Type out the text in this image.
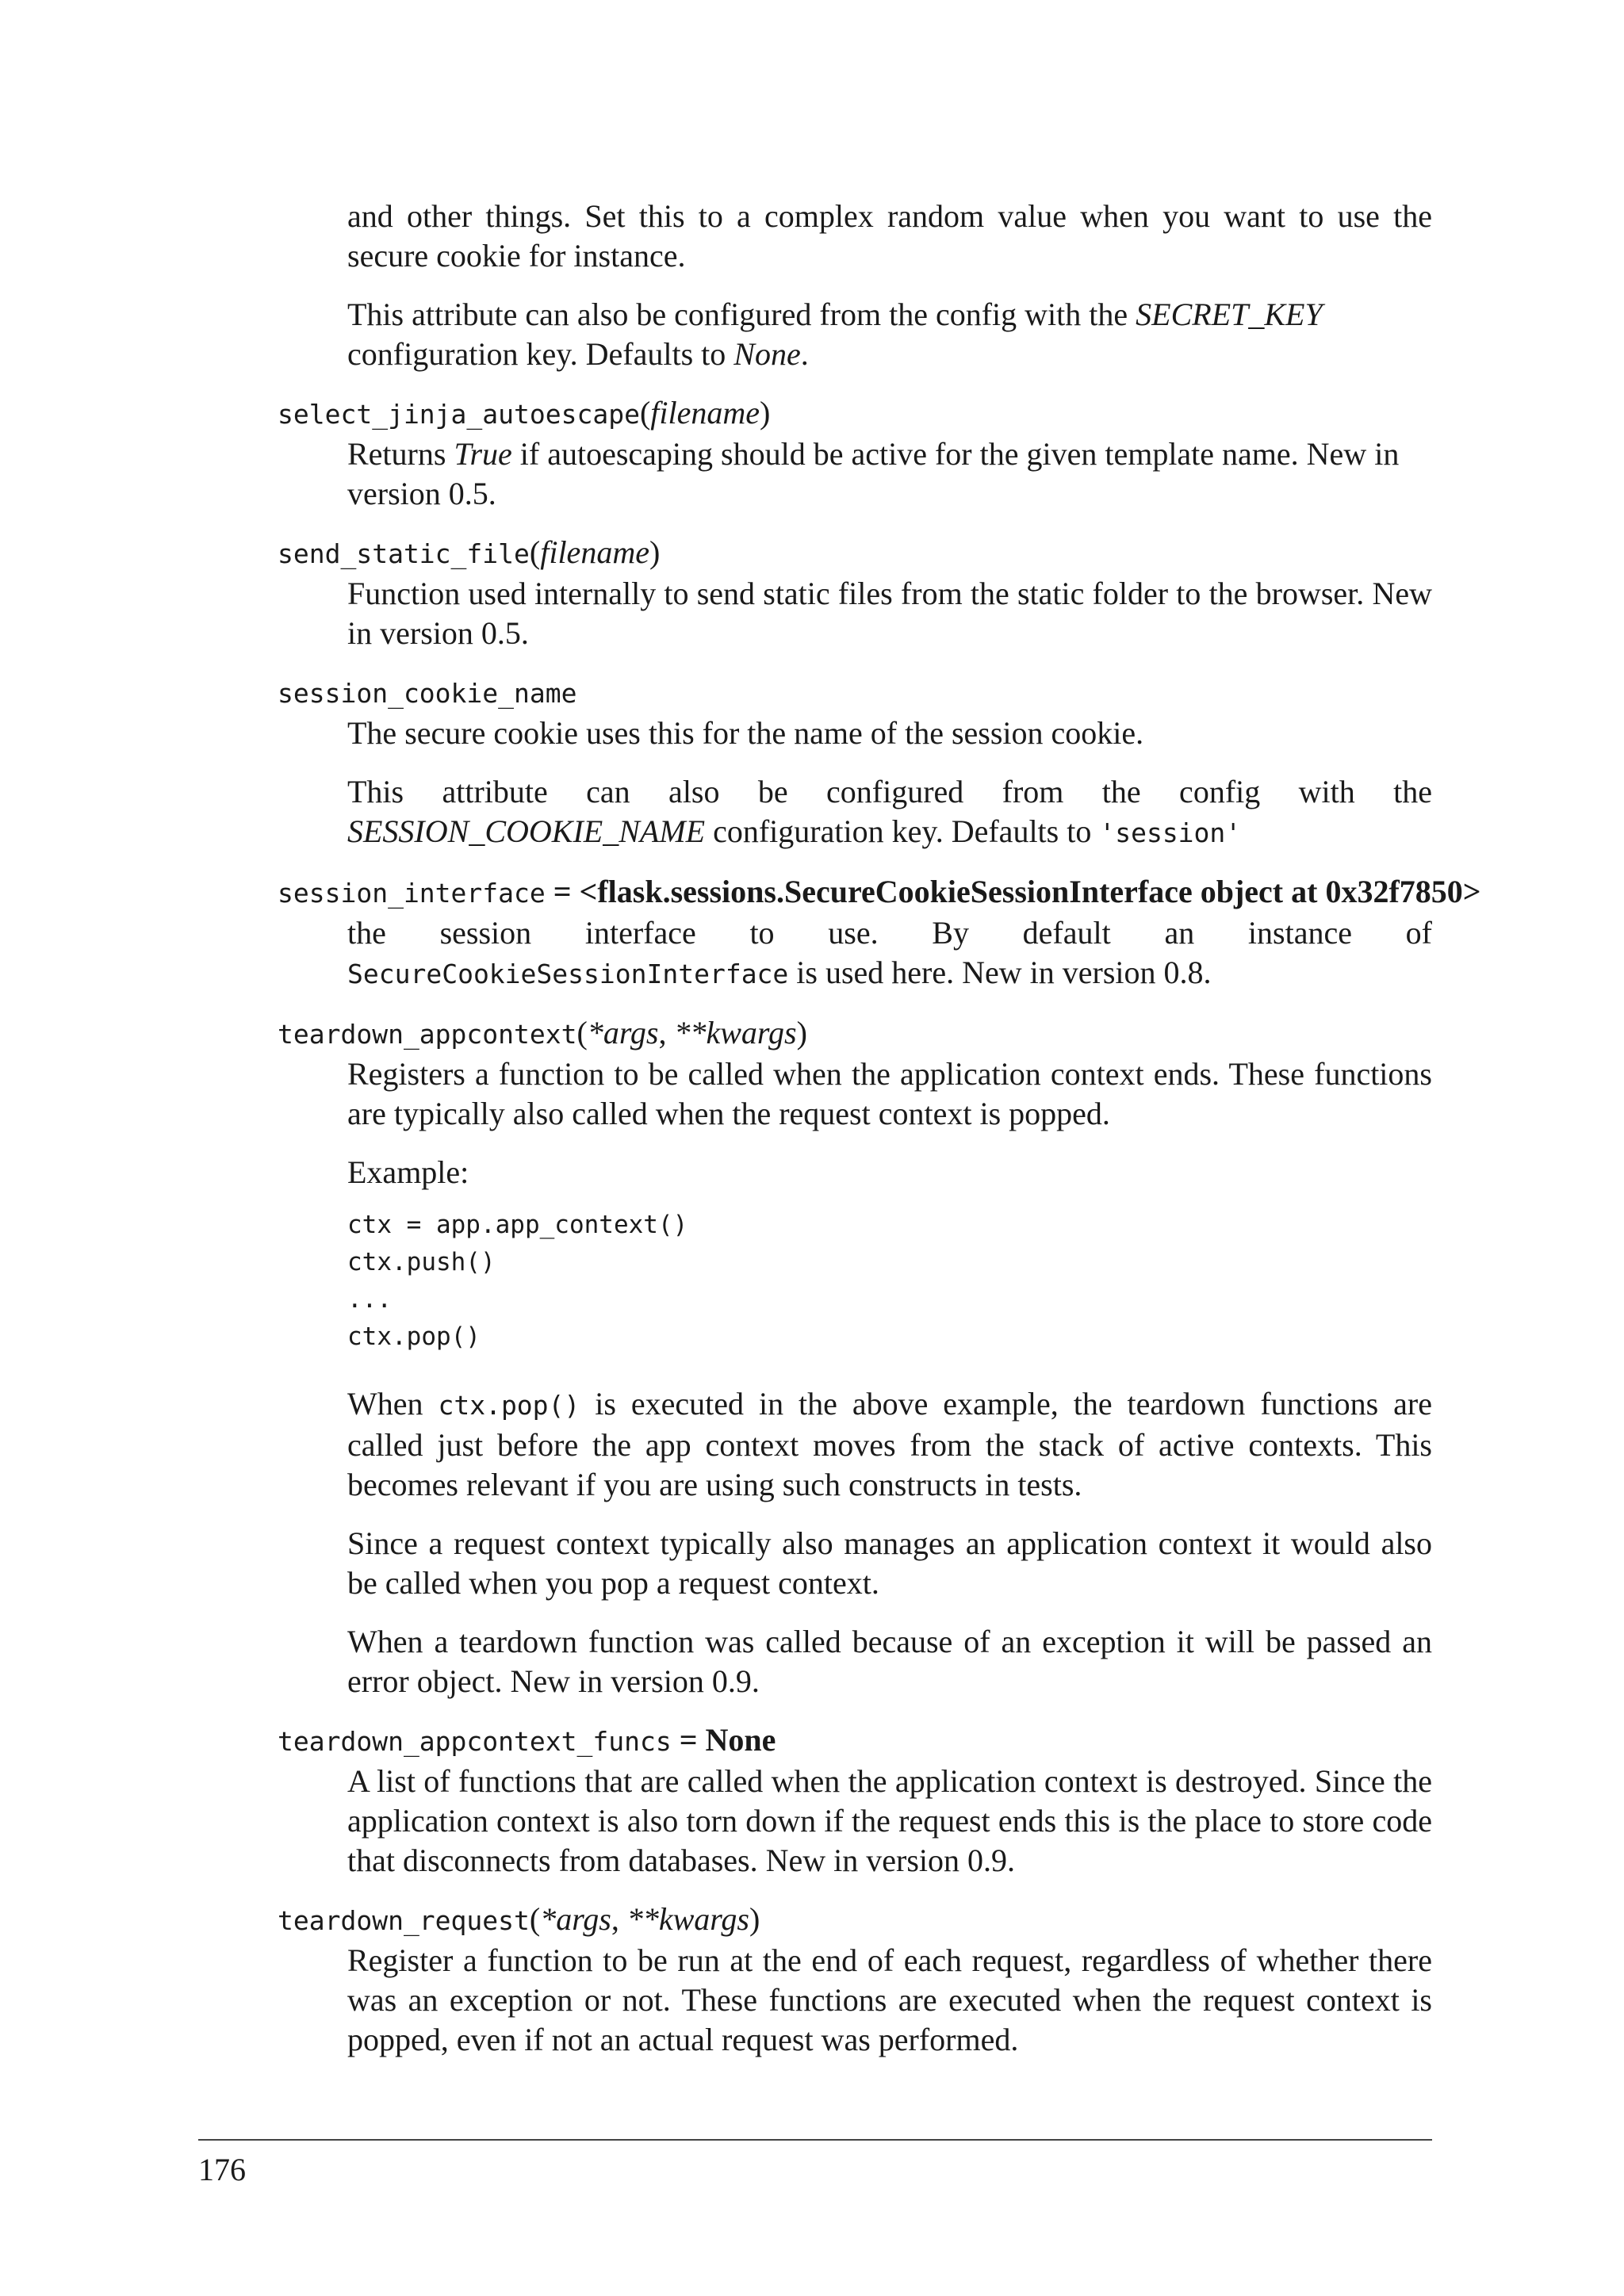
and other things. Set this to a complex random value when you want to use the secure cookie for instance.

This attribute can also be configured from the config with the SECRET_KEY configuration key. Defaults to None.

select_jinja_autoescape(filename)

Returns True if autoescaping should be active for the given template name. New in version 0.5.

send_static_file(filename)

Function used internally to send static files from the static folder to the browser. New in version 0.5.

session_cookie_name

The secure cookie uses this for the name of the session cookie.

This attribute can also be configured from the config with the SESSION_COOKIE_NAME configuration key. Defaults to 'session'

session_interface = <flask.sessions.SecureCookieSessionInterface object at 0x32f7850>

the session interface to use. By default an instance of SecureCookieSessionInterface is used here. New in version 0.8.

teardown_appcontext(*args, **kwargs)

Registers a function to be called when the application context ends. These functions are typically also called when the request context is popped.

Example:

ctx = app.app_context()
ctx.push()
...
ctx.pop()

When ctx.pop() is executed in the above example, the teardown functions are called just before the app context moves from the stack of active contexts. This becomes relevant if you are using such constructs in tests.

Since a request context typically also manages an application context it would also be called when you pop a request context.

When a teardown function was called because of an exception it will be passed an error object. New in version 0.9.

teardown_appcontext_funcs = None

A list of functions that are called when the application context is destroyed. Since the application context is also torn down if the request ends this is the place to store code that disconnects from databases. New in version 0.9.

teardown_request(*args, **kwargs)

Register a function to be run at the end of each request, regardless of whether there was an exception or not. These functions are executed when the request context is popped, even if not an actual request was performed.

176
